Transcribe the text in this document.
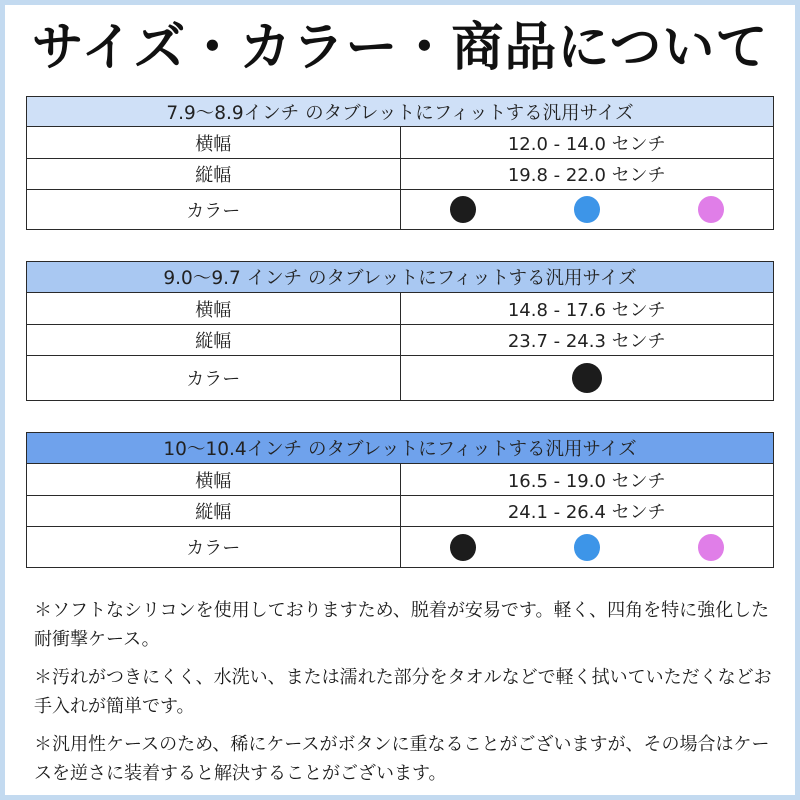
サイズ・カラー・商品について
7.9〜8.9インチ のタブレットにフィットする汎用サイズ	
横幅	12.0 - 14.0 センチ
縦幅	19.8 - 22.0 センチ
カラー	
9.0〜9.7 インチ のタブレットにフィットする汎用サイズ	
横幅	14.8 - 17.6 センチ
縦幅	23.7 - 24.3 センチ
カラー	
10〜10.4インチ のタブレットにフィットする汎用サイズ	
横幅	16.5 - 19.0 センチ
縦幅	24.1 - 26.4 センチ
カラー	

＊ソフトなシリコンを使用しておりますため、脱着が安易です。軽く、四角を特に強化した耐衝撃ケース。

＊汚れがつきにくく、水洗い、または濡れた部分をタオルなどで軽く拭いていただくなどお手入れが簡単です。

＊汎用性ケースのため、稀にケースがボタンに重なることがございますが、その場合はケースを逆さに装着すると解決することがございます。
